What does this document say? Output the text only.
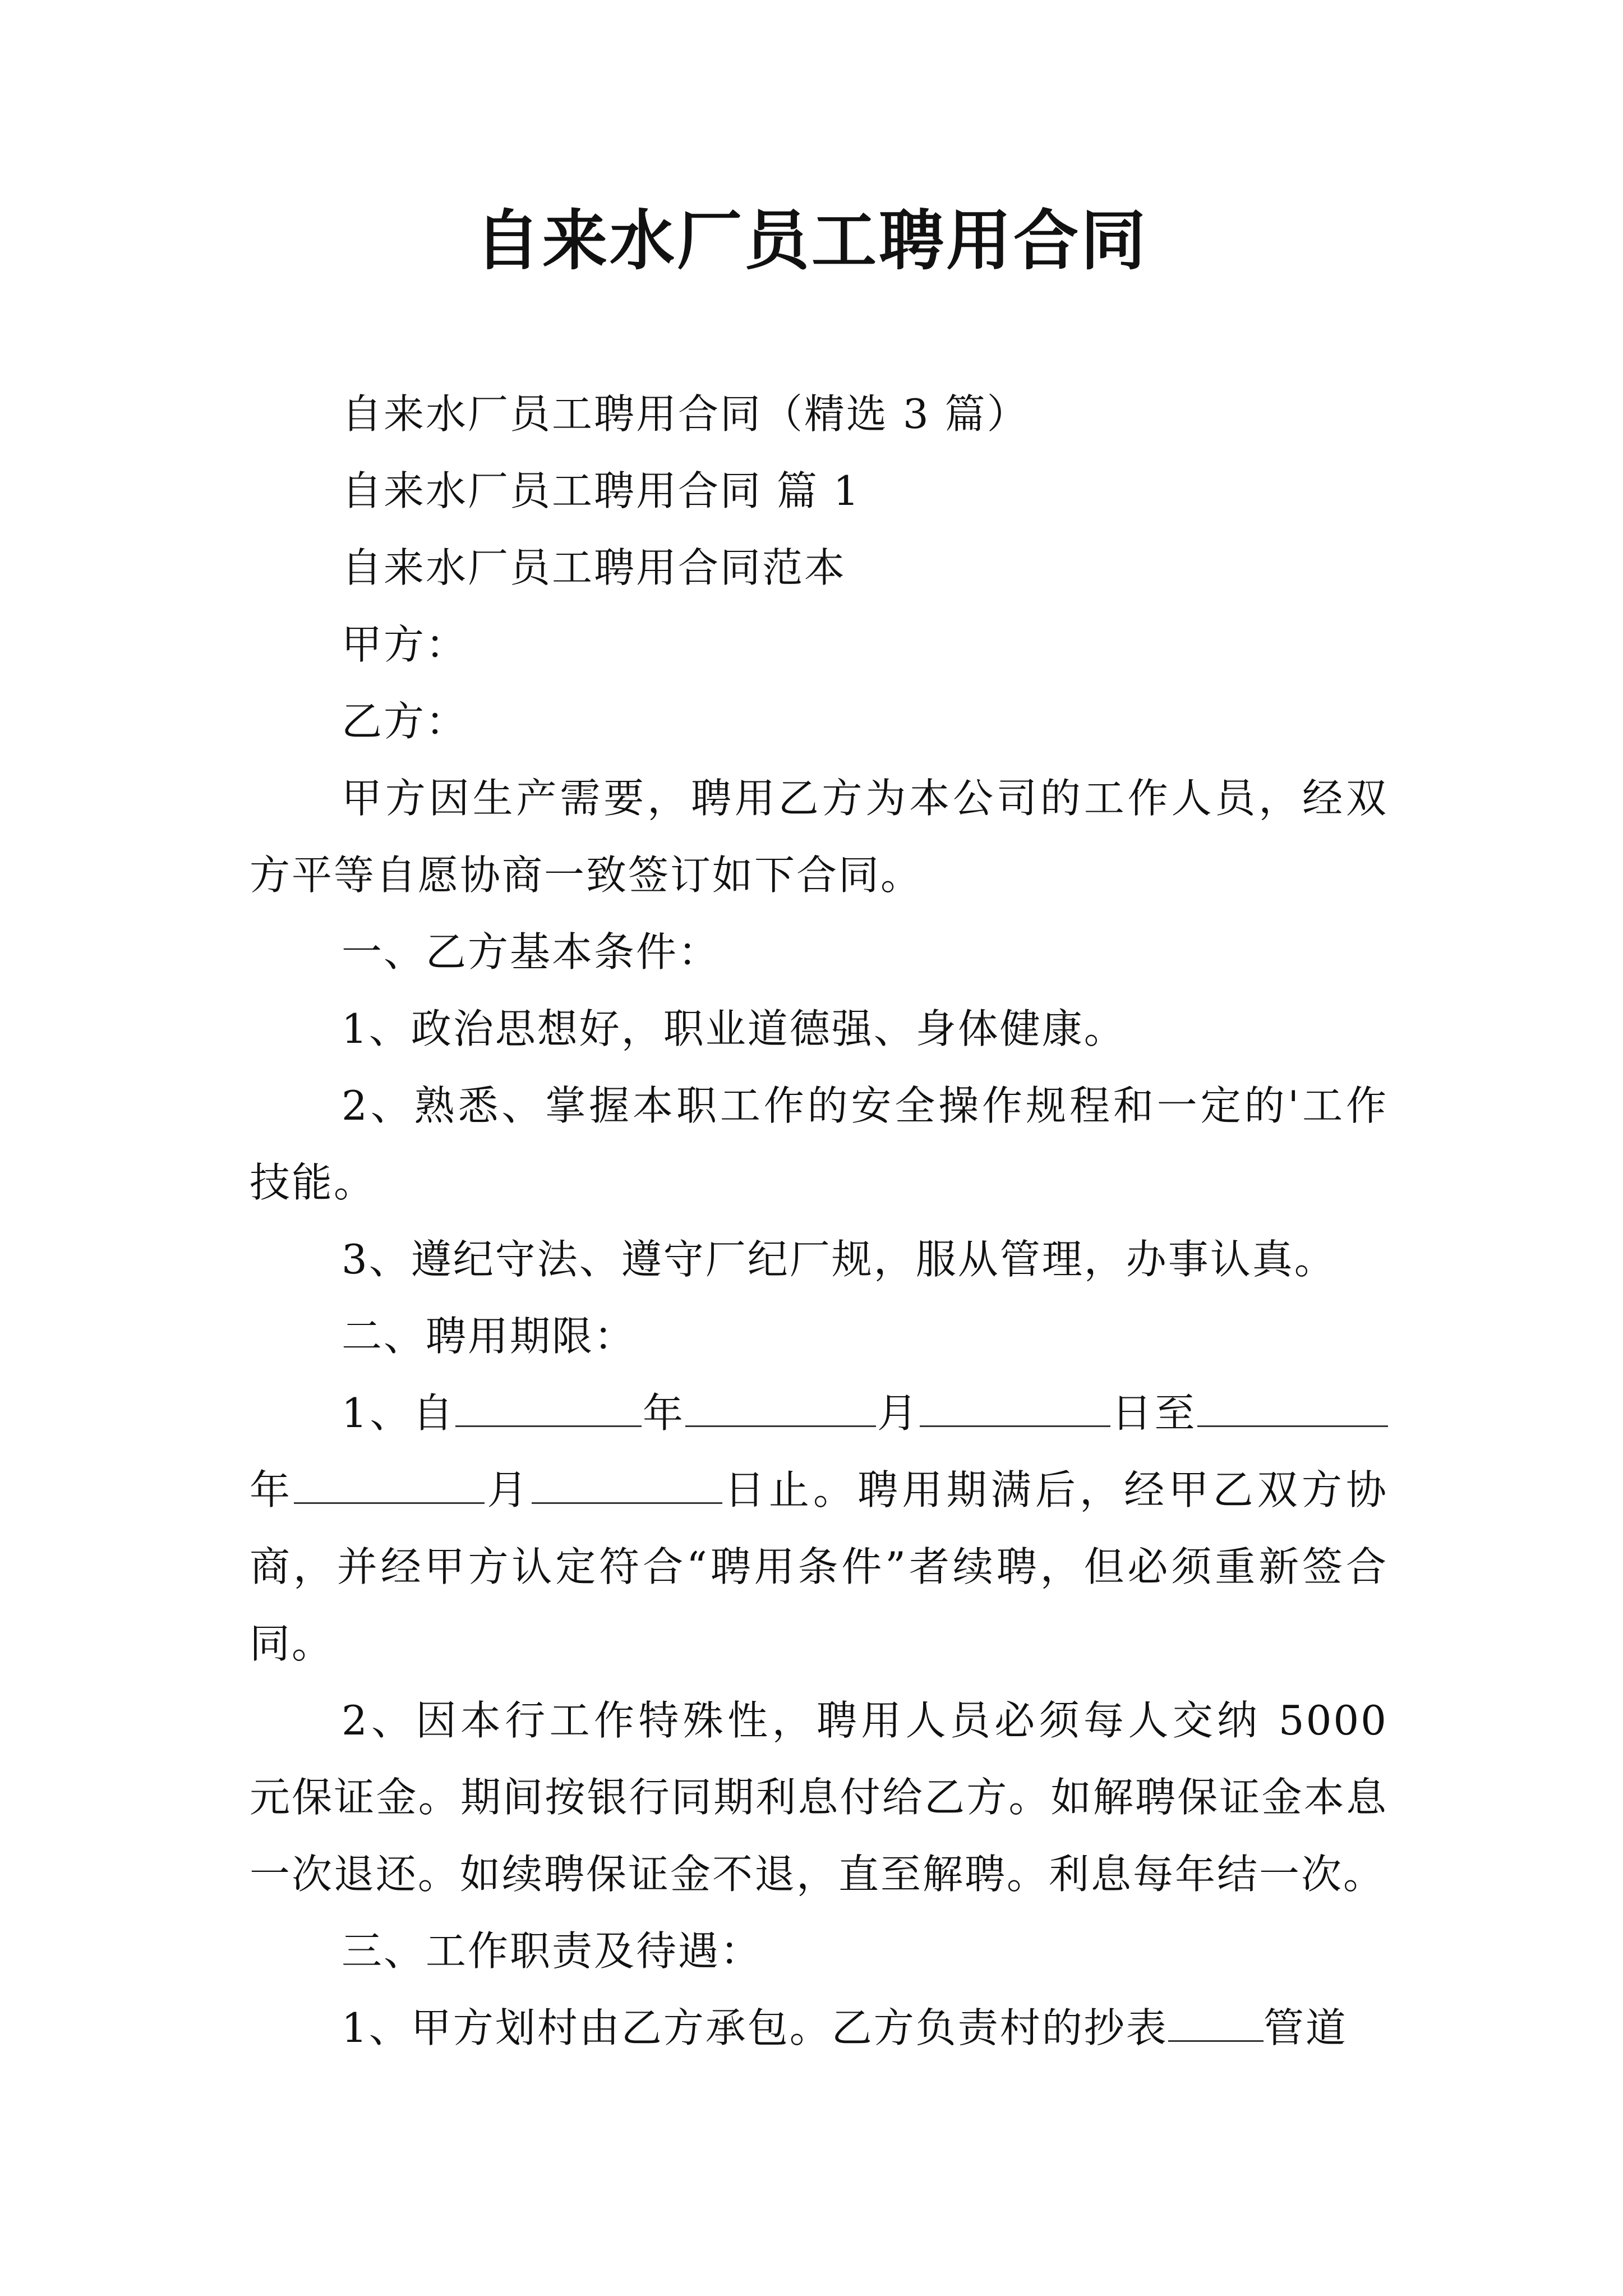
自来水厂员工聘用合同

自来水厂员工聘用合同（精选 3 篇）

自来水厂员工聘用合同 篇 1

自来水厂员工聘用合同范本

甲方：

乙方：

甲方因生产需要，聘用乙方为本公司的工作人员，经双方平等自愿协商一致签订如下合同。

一、乙方基本条件：

1、政治思想好，职业道德强、身体健康。

2、熟悉、掌握本职工作的安全操作规程和一定的'工作技能。

3、遵纪守法、遵守厂纪厂规，服从管理，办事认真。

二、聘用期限：

1、自	年	月	日至年	月	日止。聘用期满后，经甲乙双方协商，并经甲方认定符合“聘用条件”者续聘，但必须重新签合同。

2、因本行工作特殊性，聘用人员必须每人交纳 5000 元保证金。期间按银行同期利息付给乙方。如解聘保证金本息一次退还。如续聘保证金不退，直至解聘。利息每年结一次。

三、工作职责及待遇：

1、甲方划村由乙方承包。乙方负责村的抄表 管道
